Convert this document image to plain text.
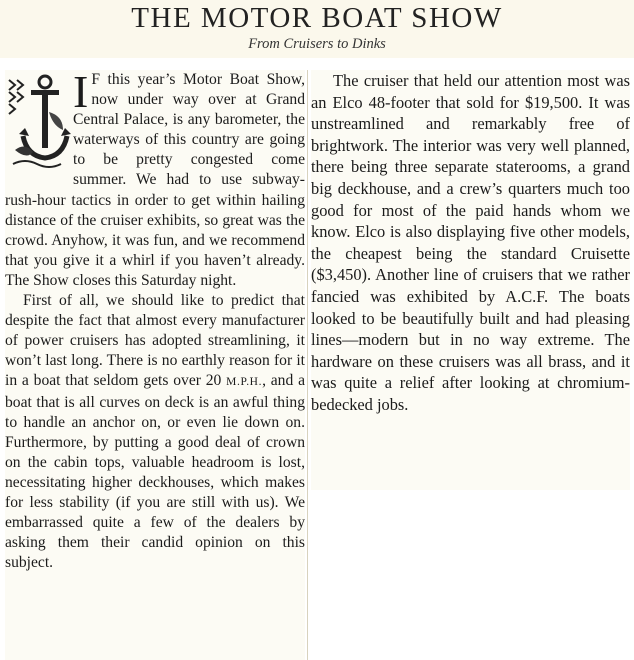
THE MOTOR BOAT SHOW
From Cruisers to Dinks

I F this year’s Motor Boat Show, now under way over at Grand Central Palace, is any barometer, the waterways of this country are going to be pretty congested come summer. We had to use subway-rush-hour tactics in order to get within hailing distance of the cruiser exhibits, so great was the crowd. Anyhow, it was fun, and we recommend that you give it a whirl if you haven’t already. The Show closes this Saturday night.

First of all, we should like to predict that despite the fact that almost every manufacturer of power cruisers has adopted streamlining, it won’t last long. There is no earthly reason for it in a boat that seldom gets over 20 M.P.H., and a boat that is all curves on deck is an awful thing to handle an anchor on, or even lie down on. Furthermore, by putting a good deal of crown on the cabin tops, valuable headroom is lost, necessitating higher deckhouses, which makes for less stability (if you are still with us). We embarrassed quite a few of the dealers by asking them their candid opinion on this subject.

The cruiser that held our attention most was an Elco 48-footer that sold for $19,500. It was unstreamlined and remarkably free of brightwork. The interior was very well planned, there being three separate staterooms, a grand big deckhouse, and a crew’s quarters much too good for most of the paid hands whom we know. Elco is also displaying five other models, the cheapest being the standard Cruisette ($3,450). Another line of cruisers that we rather fancied was exhibited by A.C.F. The boats looked to be beautifully built and had pleasing lines—modern but in no way extreme. The hardware on these cruisers was all brass, and it was quite a relief after looking at chromium-bedecked jobs.
